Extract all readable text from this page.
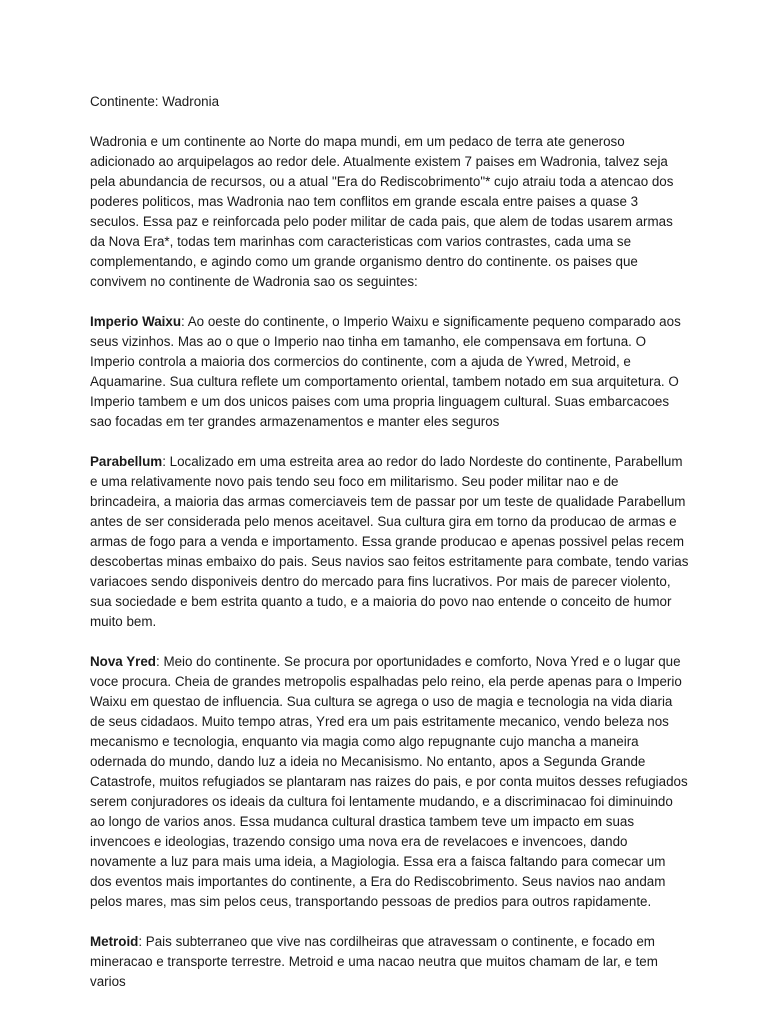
Continente: Wadronia

Wadronia e um continente ao Norte do mapa mundi, em um pedaco de terra ate generoso adicionado ao arquipelagos ao redor dele. Atualmente existem 7 paises em Wadronia, talvez seja pela abundancia de recursos, ou a atual "Era do Rediscobrimento"* cujo atraiu toda a atencao dos poderes politicos, mas Wadronia nao tem conflitos em grande escala entre paises a quase 3 seculos. Essa paz e reinforcada pelo poder militar de cada pais, que alem de todas usarem armas da Nova Era*, todas tem marinhas com caracteristicas com varios contrastes, cada uma se complementando, e agindo como um grande organismo dentro do continente. os paises que convivem no continente de Wadronia sao os seguintes:

Imperio Waixu: Ao oeste do continente, o Imperio Waixu e significamente pequeno comparado aos seus vizinhos. Mas ao o que o Imperio nao tinha em tamanho, ele compensava em fortuna. O Imperio controla a maioria dos cormercios do continente, com a ajuda de Ywred, Metroid, e Aquamarine. Sua cultura reflete um comportamento oriental, tambem notado em sua arquitetura. O Imperio tambem e um dos unicos paises com uma propria linguagem cultural. Suas embarcacoes sao focadas em ter grandes armazenamentos e manter eles seguros

Parabellum: Localizado em uma estreita area ao redor do lado Nordeste do continente, Parabellum e uma relativamente novo pais tendo seu foco em militarismo. Seu poder militar nao e de brincadeira, a maioria das armas comerciaveis tem de passar por um teste de qualidade Parabellum antes de ser considerada pelo menos aceitavel. Sua cultura gira em torno da producao de armas e armas de fogo para a venda e importamento. Essa grande producao e apenas possivel pelas recem descobertas minas embaixo do pais. Seus navios sao feitos estritamente para combate, tendo varias variacoes sendo disponiveis dentro do mercado para fins lucrativos. Por mais de parecer violento, sua sociedade e bem estrita quanto a tudo, e a maioria do povo nao entende o conceito de humor muito bem.

Nova Yred: Meio do continente. Se procura por oportunidades e comforto, Nova Yred e o lugar que voce procura. Cheia de grandes metropolis espalhadas pelo reino, ela perde apenas para o Imperio Waixu em questao de influencia. Sua cultura se agrega o uso de magia e tecnologia na vida diaria de seus cidadaos. Muito tempo atras, Yred era um pais estritamente mecanico, vendo beleza nos mecanismo e tecnologia, enquanto via magia como algo repugnante cujo mancha a maneira odernada do mundo, dando luz a ideia no Mecanisismo. No entanto, apos a Segunda Grande Catastrofe, muitos refugiados se plantaram nas raizes do pais, e por conta muitos desses refugiados serem conjuradores os ideais da cultura foi lentamente mudando, e a discriminacao foi diminuindo ao longo de varios anos. Essa mudanca cultural drastica tambem teve um impacto em suas invencoes e ideologias, trazendo consigo uma nova era de revelacoes e invencoes, dando novamente a luz para mais uma ideia, a Magiologia. Essa era a faisca faltando para comecar um dos eventos mais importantes do continente, a Era do Rediscobrimento. Seus navios nao andam pelos mares, mas sim pelos ceus, transportando pessoas de predios para outros rapidamente.

Metroid: Pais subterraneo que vive nas cordilheiras que atravessam o continente, e focado em mineracao e transporte terrestre. Metroid e uma nacao neutra que muitos chamam de lar, e tem varios
